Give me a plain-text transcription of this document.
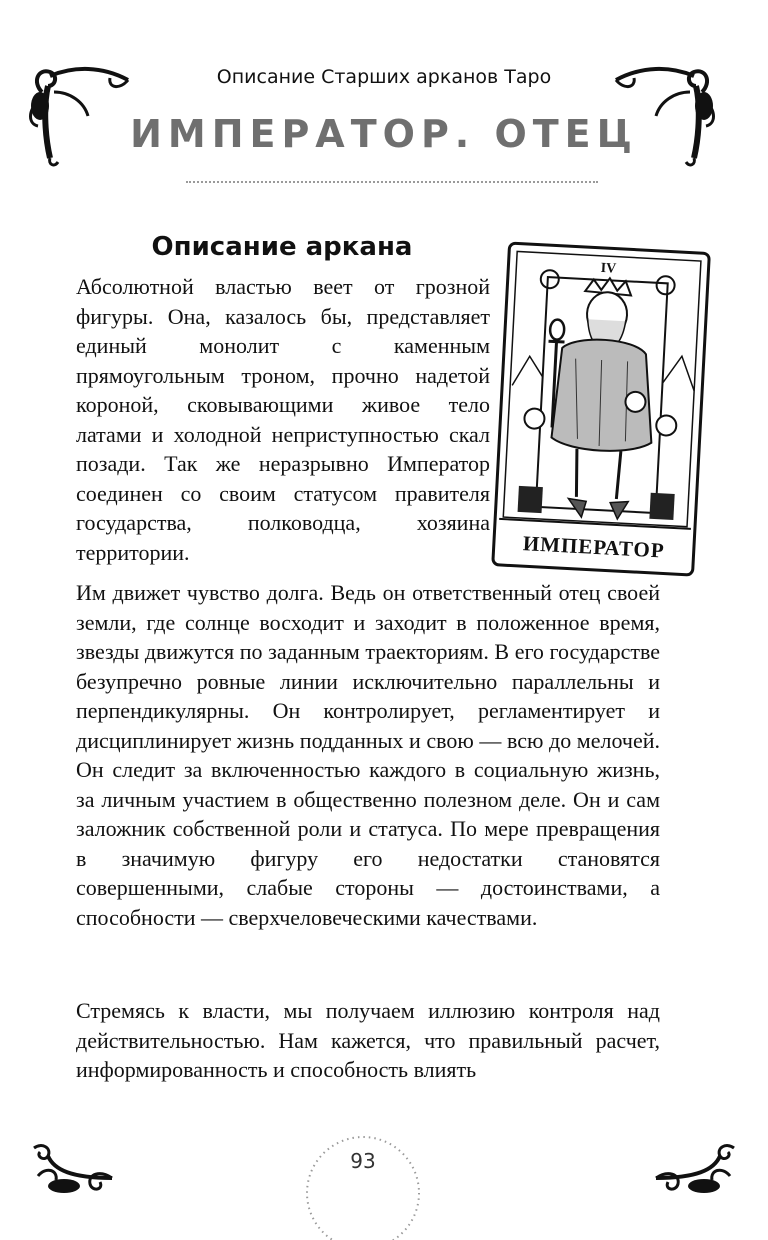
Описание Старших арканов Таро
ИМПЕРАТОР. ОТЕЦ
Описание аркана

Абсолютной властью веет от грозной фигуры. Она, казалось бы, представляет единый монолит с каменным прямоугольным троном, прочно надетой короной, сковывающими живое тело латами и холодной неприступностью скал позади. Так же неразрывно Император соединен со своим статусом правителя государства, полководца, хозяина территории.

Им движет чувство долга. Ведь он ответственный отец своей земли, где солнце восходит и заходит в положенное время, звезды движутся по заданным траекториям. В его государстве безупречно ровные линии исключительно параллельны и перпендикулярны. Он контролирует, регламентирует и дисциплинирует жизнь подданных и свою — всю до мелочей. Он следит за включенностью каждого в социальную жизнь, за личным участием в общественно полезном деле. Он и сам заложник собственной роли и статуса. По мере превращения в значимую фигуру его недостатки становятся совершенными, слабые стороны — достоинствами, а способности — сверхчеловеческими качествами.

Стремясь к власти, мы получаем иллюзию контроля над действительностью. Нам кажется, что правильный расчет, информированность и способность влиять

IV
ИМПЕРАТОР
93
